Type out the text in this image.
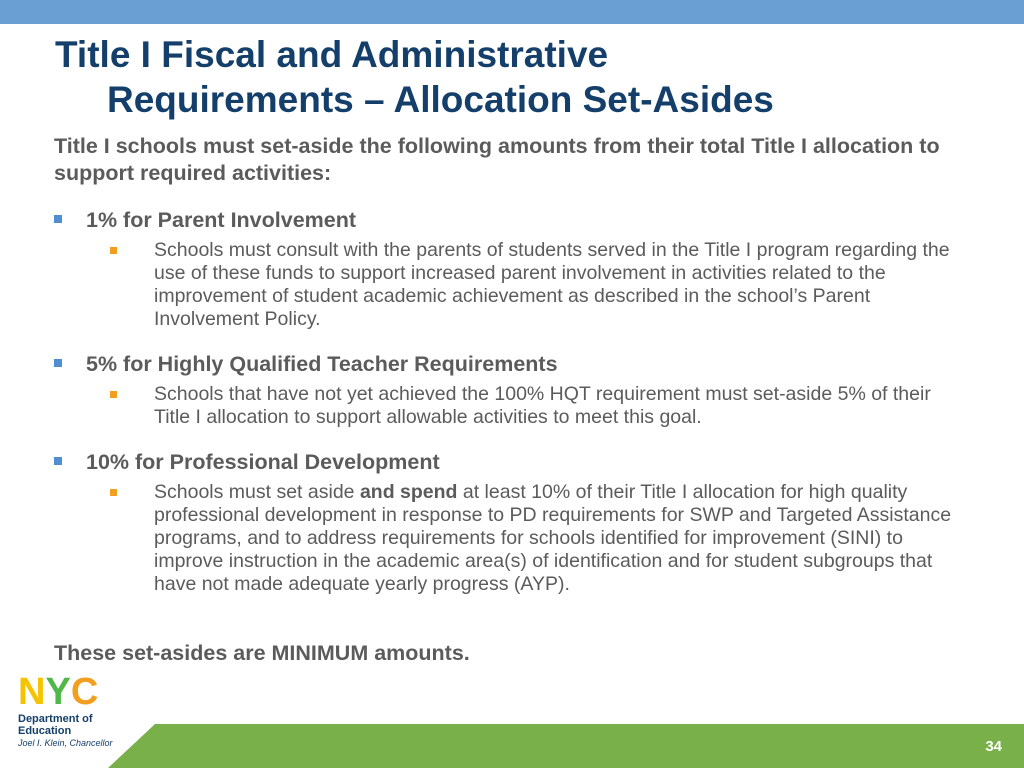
Title I Fiscal and Administrative
Requirements – Allocation Set-Asides

Title I schools must set-aside the following amounts from their total Title I allocation to support required activities:

1% for Parent Involvement
Schools must consult with the parents of students served in the Title I program regarding the use of these funds to support increased parent involvement in activities related to the improvement of student academic achievement as described in the school’s Parent Involvement Policy.
5% for Highly Qualified Teacher Requirements
Schools that have not yet achieved the 100% HQT requirement must set-aside 5% of their Title I allocation to support allowable activities to meet this goal.
10% for Professional Development
Schools must set aside and spend at least 10% of their Title I allocation for high quality professional development in response to PD requirements for SWP and Targeted Assistance programs, and to address requirements for schools identified for improvement (SINI) to improve instruction in the academic area(s) of identification and for student subgroups that have not made adequate yearly progress (AYP).
These set-asides are MINIMUM amounts.
N Y C
Department of
Education
Joel I. Klein, Chancellor	34
